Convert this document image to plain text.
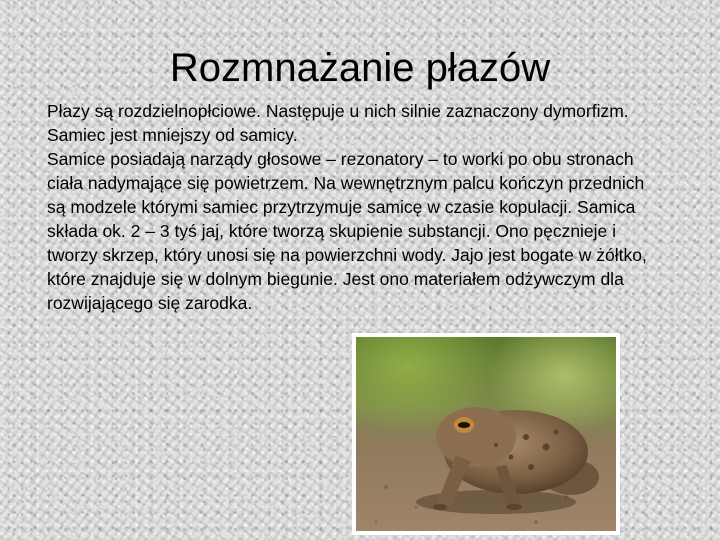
Rozmnażanie płazów

Płazy są rozdzielnopłciowe. Następuje u nich silnie zaznaczony dymorfizm. Samiec jest mniejszy od samicy.

Samice posiadają narządy głosowe – rezonatory – to worki po obu stronach ciała nadymające się powietrzem. Na wewnętrznym palcu kończyn przednich są modzele którymi samiec przytrzymuje samicę w czasie kopulacji. Samica składa ok. 2 – 3 tyś jaj, które tworzą skupienie substancji. Ono pęcznieje i tworzy skrzep, który unosi się na powierzchni wody. Jajo jest bogate w żółtko, które znajduje się w dolnym biegunie. Jest ono materiałem odżywczym dla rozwijającego się zarodka.
